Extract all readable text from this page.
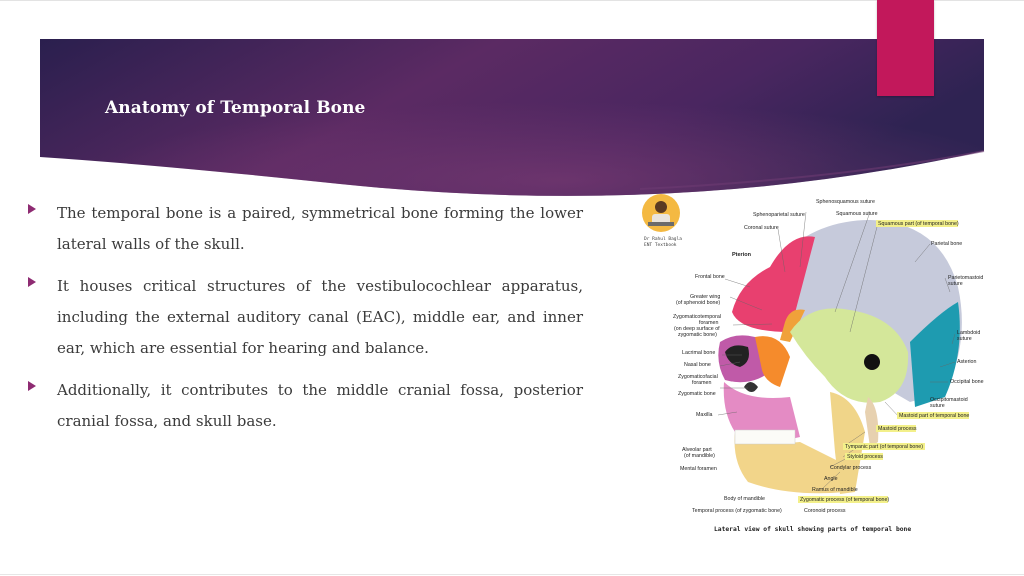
Anatomy of Temporal Bone
The temporal bone is a paired, symmetrical bone forming the lower lateral walls of the skull.
It houses critical structures of the vestibulocochlear apparatus, including the external auditory canal (EAC), middle ear, and inner ear, which are essential for hearing and balance.
Additionally, it contributes to the middle cranial fossa, posterior cranial fossa, and skull base.
Dr Rahul Bagla
ENT Textbook
Sphenoparietal suture
Coronal suture
Pterion
Frontal bone
Greater wing
(of sphenoid bone)
Zygomaticotemporal
foramen
(on deep surface of
zygomatic bone)
Lacrimal bone
Nasal bone
Zygomaticofacial
foramen
Zygomatic bone
Maxilla
Alveolar part
(of mandible)
Mental foramen
Body of mandible
Temporal process (of zygomatic bone)	Coronoid process
Sphenosquamous suture
Squamous suture
Squamous part (of temporal bone)
Parietal bone
Parietomastoid
suture
Lambdoid
suture
Asterion
Occipital bone
Occipitomastoid
suture
Mastoid part of temporal bone
Mastoid process
Tympanic part (of temporal bone)
Styloid process
Condylar process
Angle
Ramus of mandible
Zygomatic process (of temporal bone)
Lateral view of skull showing parts of temporal bone
